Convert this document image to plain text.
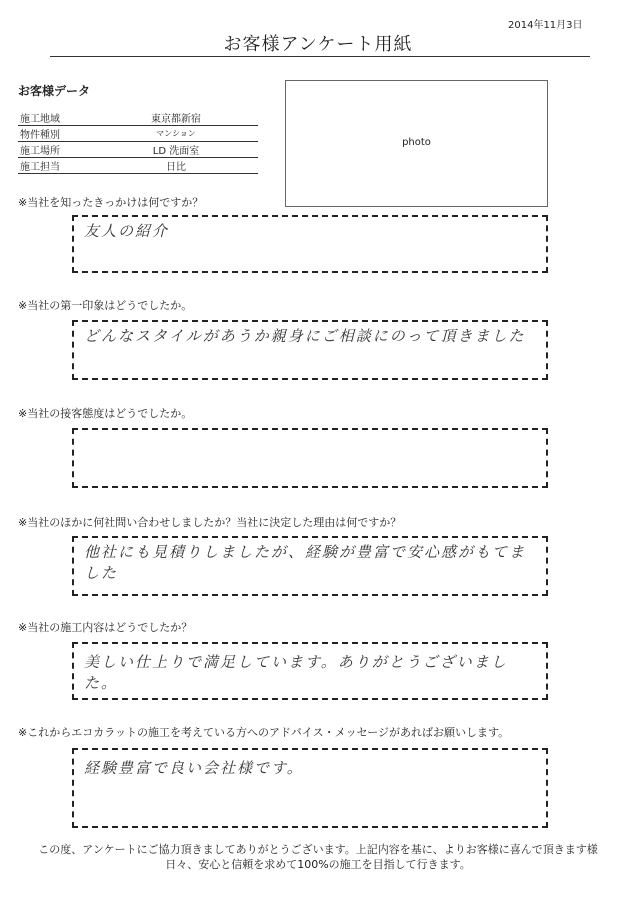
2014年11月3日
お客様アンケート用紙
お客様データ
施工地域	東京都新宿
物件種別	マンション
施工場所	LD 洗面室
施工担当	日比
photo
※当社を知ったきっかけは何ですか？
友人の紹介
※当社の第一印象はどうでしたか。
どんなスタイルがあうか親身にご相談にのって頂きました
※当社の接客態度はどうでしたか。
※当社のほかに何社問い合わせしましたか？当社に決定した理由は何ですか？
他社にも見積りしましたが、経験が豊富で安心感がもてました
※当社の施工内容はどうでしたか？
美しい仕上りで満足しています。ありがとうございました。
※これからエコカラットの施工を考えている方へのアドバイス・メッセージがあればお願いします。
経験豊富で良い会社様です。
この度、アンケートにご協力頂きましてありがとうございます。上記内容を基に、よりお客様に喜んで頂きます様
日々、安心と信頼を求めて100%の施工を目指して行きます。
